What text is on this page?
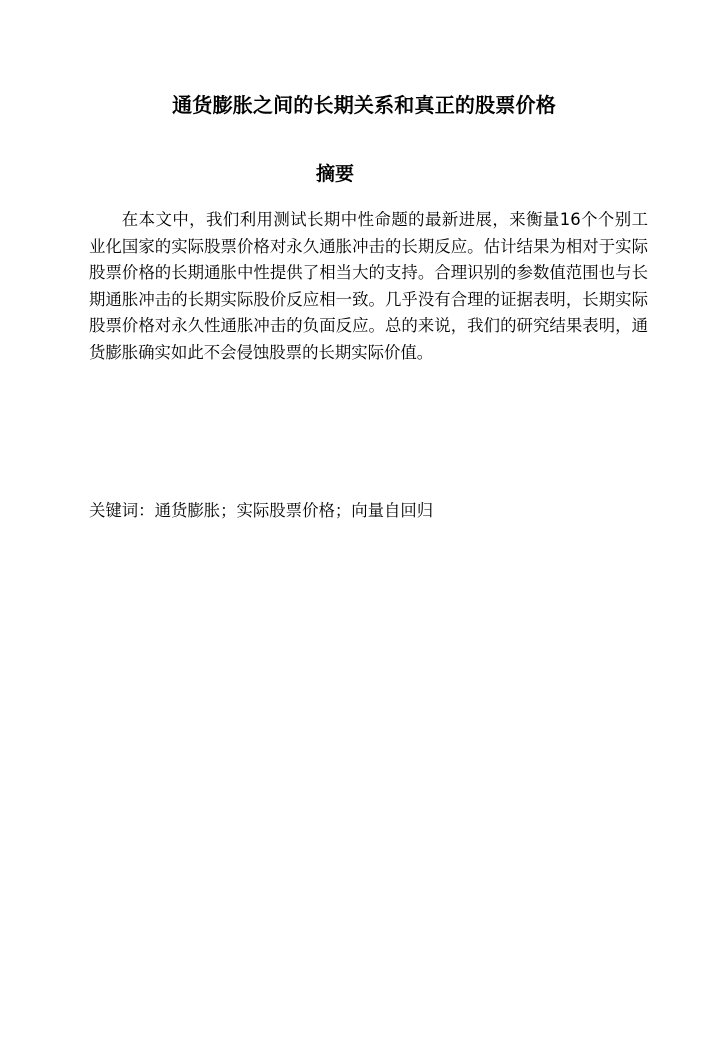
通货膨胀之间的长期关系和真正的股票价格
摘要

在本文中，我们利用测试长期中性命题的最新进展，来衡量16个个别工业化国家的实际股票价格对永久通胀冲击的长期反应。估计结果为相对于实际股票价格的长期通胀中性提供了相当大的支持。合理识别的参数值范围也与长期通胀冲击的长期实际股价反应相一致。几乎没有合理的证据表明，长期实际股票价格对永久性通胀冲击的负面反应。总的来说，我们的研究结果表明，通货膨胀确实如此不会侵蚀股票的长期实际价值。

关键词：通货膨胀；实际股票价格；向量自回归
